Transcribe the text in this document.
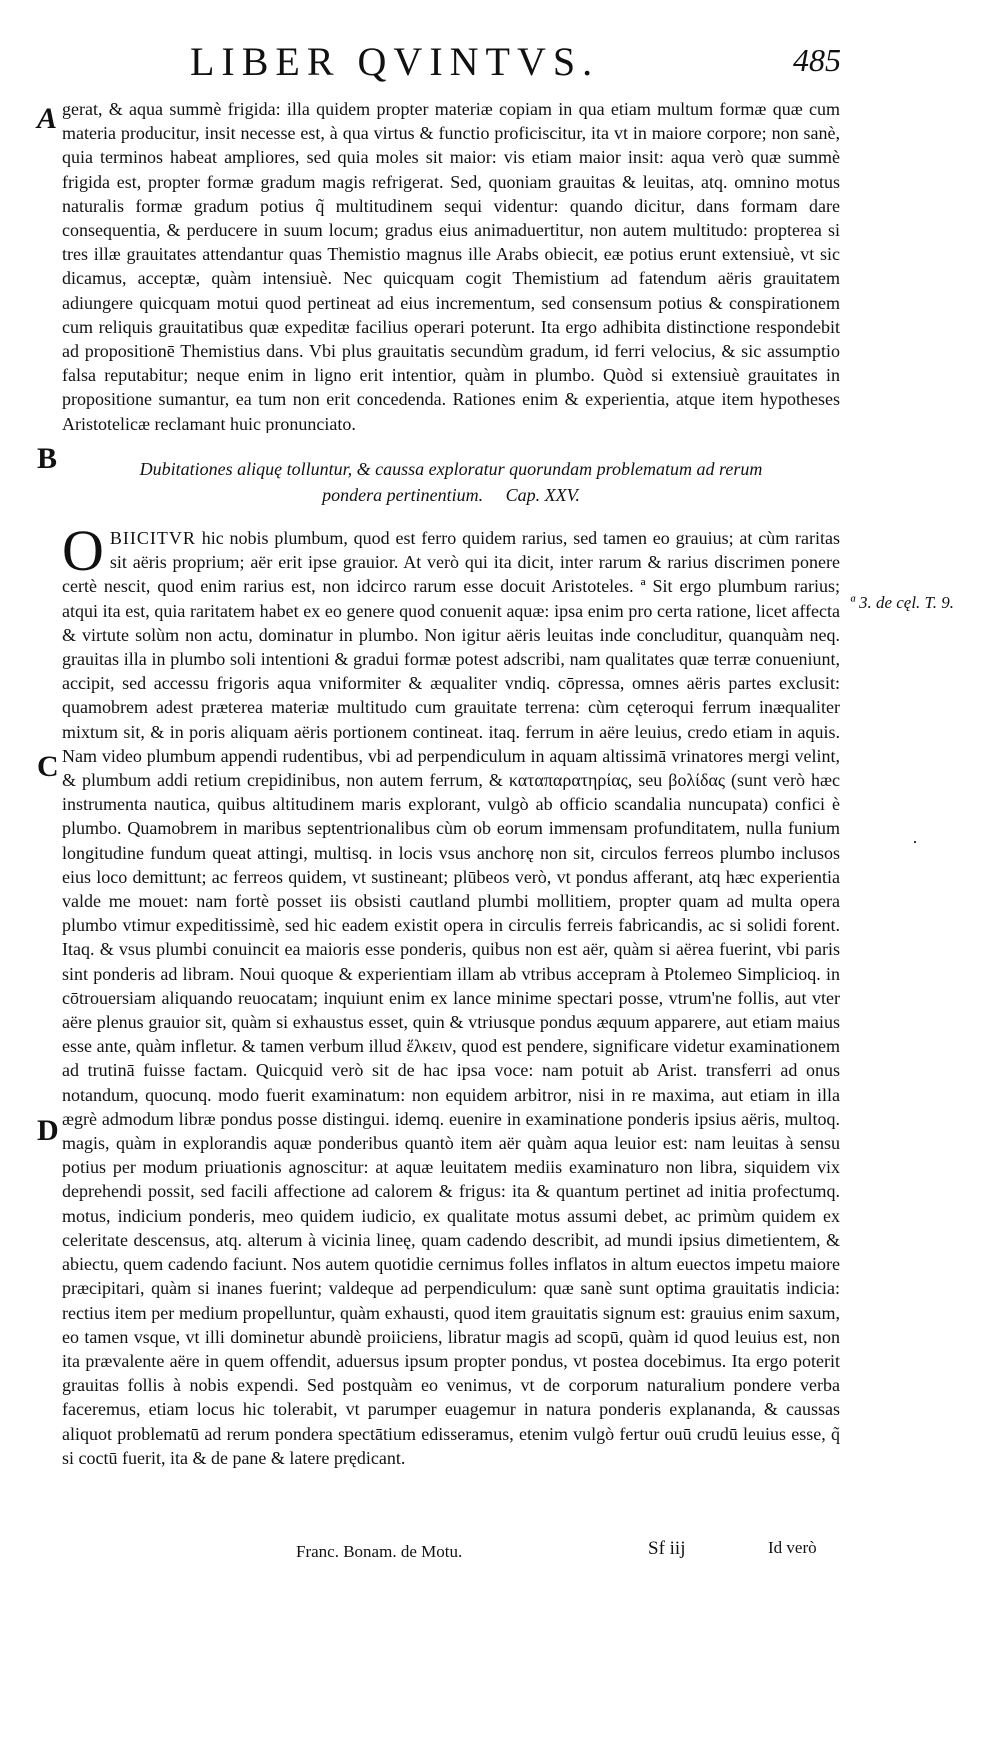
LIBER QVINTVS.	485
A
B
C
D
gerat, & aqua summè frigida: illa quidem propter materiæ copiam in qua etiam multum formæ quæ cum materia producitur, insit necesse est, à qua virtus & functio proficiscitur, ita vt in maiore corpore; non sanè, quia terminos habeat ampliores, sed quia moles sit maior: vis etiam maior insit: aqua verò quæ summè frigida est, propter formæ gradum magis refrigerat. Sed, quoniam grauitas & leuitas, atq. omnino motus naturalis formæ gradum potius q̃ multitudinem sequi videntur: quando dicitur, dans formam dare consequentia, & perducere in suum locum; gradus eius animaduertitur, non autem multitudo: propterea si tres illæ grauitates attendantur quas Themistio magnus ille Arabs obiecit, eæ potius erunt extensiuè, vt sic dicamus, acceptæ, quàm intensiuè. Nec quicquam cogit Themistium ad fatendum aëris grauitatem adiungere quicquam motui quod pertineat ad eius incrementum, sed consensum potius & conspirationem cum reliquis grauitatibus quæ expeditæ facilius operari poterunt. Ita ergo adhibita distinctione respondebit ad propositionē Themistius dans. Vbi plus grauitatis secundùm gradum, id ferri velocius, & sic assumptio falsa reputabitur; neque enim in ligno erit intentior, quàm in plumbo. Quòd si extensiuè grauitates in propositione sumantur, ea tum non erit concedenda. Rationes enim & experientia, atque item hypotheses Aristotelicæ reclamant huic pronunciato.
Dubitationes aliquę tolluntur, & caussa exploratur quorundam problematum ad rerum
pondera pertinentium. Cap. XXV.
O BIICITVR hic nobis plumbum, quod est ferro quidem rarius, sed tamen eo grauius; at cùm raritas sit aëris proprium; aër erit ipse grauior. At verò qui ita dicit, inter rarum & rarius discrimen ponere certè nescit, quod enim rarius est, non idcirco rarum esse docuit Aristoteles. ª Sit ergo plumbum rarius; atqui ita est, quia raritatem habet ex eo genere quod conuenit aquæ: ipsa enim pro certa ratione, licet affecta & virtute solùm non actu, dominatur in plumbo. Non igitur aëris leuitas inde concluditur, quanquàm neq. grauitas illa in plumbo soli intentioni & gradui formæ potest adscribi, nam qualitates quæ terræ conueniunt, accipit, sed accessu frigoris aqua vniformiter & æqualiter vndiq. cōpressa, omnes aëris partes exclusit: quamobrem adest præterea materiæ multitudo cum grauitate terrena: cùm cęteroqui ferrum inæqualiter mixtum sit, & in poris aliquam aëris portionem contineat. itaq. ferrum in aëre leuius, credo etiam in aquis. Nam video plumbum appendi rudentibus, vbi ad perpendiculum in aquam altissimā vrinatores mergi velint, & plumbum addi retium crepidinibus, non autem ferrum, & καταπαρατηρίας, seu βολίδας (sunt verò hæc instrumenta nautica, quibus altitudinem maris explorant, vulgò ab officio scandalia nuncupata) confici è plumbo. Quamobrem in maribus septentrionalibus cùm ob eorum immensam profunditatem, nulla funium longitudine fundum queat attingi, multisq. in locis vsus anchorę non sit, circulos ferreos plumbo inclusos eius loco demittunt; ac ferreos quidem, vt sustineant; plūbeos verò, vt pondus afferant, atq hæc experientia valde me mouet: nam fortè posset iis obsisti cautland plumbi mollitiem, propter quam ad multa opera plumbo vtimur expeditissimè, sed hic eadem existit opera in circulis ferreis fabricandis, ac si solidi forent. Itaq. & vsus plumbi conuincit ea maioris esse ponderis, quibus non est aër, quàm si aërea fuerint, vbi paris sint ponderis ad libram. Noui quoque & experientiam illam ab vtribus accepram à Ptolemeo Simplicioq. in cōtrouersiam aliquando reuocatam; inquiunt enim ex lance minime spectari posse, vtrum'ne follis, aut vter aëre plenus grauior sit, quàm si exhaustus esset, quin & vtriusque pondus æquum apparere, aut etiam maius esse ante, quàm infletur. & tamen verbum illud ἕλκειν, quod est pendere, significare videtur examinationem ad trutinā fuisse factam. Quicquid verò sit de hac ipsa voce: nam potuit ab Arist. transferri ad onus notandum, quocunq. modo fuerit examinatum: non equidem arbitror, nisi in re maxima, aut etiam in illa ægrè admodum libræ pondus posse distingui. idemq. euenire in examinatione ponderis ipsius aëris, multoq. magis, quàm in explorandis aquæ ponderibus quantò item aër quàm aqua leuior est: nam leuitas à sensu potius per modum priuationis agnoscitur: at aquæ leuitatem mediis examinaturo non libra, siquidem vix deprehendi possit, sed facili affectione ad calorem & frigus: ita & quantum pertinet ad initia profectumq. motus, indicium ponderis, meo quidem iudicio, ex qualitate motus assumi debet, ac primùm quidem ex celeritate descensus, atq. alterum à vicinia lineę, quam cadendo describit, ad mundi ipsius dimetientem, & abiectu, quem cadendo faciunt. Nos autem quotidie cernimus folles inflatos in altum euectos impetu maiore præcipitari, quàm si inanes fuerint; valdeque ad perpendiculum: quæ sanè sunt optima grauitatis indicia: rectius item per medium propelluntur, quàm exhausti, quod item grauitatis signum est: grauius enim saxum, eo tamen vsque, vt illi dominetur abundè proiiciens, libratur magis ad scopū, quàm id quod leuius est, non ita prævalente aëre in quem offendit, aduersus ipsum propter pondus, vt postea docebimus. Ita ergo poterit grauitas follis à nobis expendi. Sed postquàm eo venimus, vt de corporum naturalium pondere verba faceremus, etiam locus hic tolerabit, vt parumper euagemur in natura ponderis explananda, & caussas aliquot problematū ad rerum pondera spectātium edisseramus, etenim vulgò fertur ouū crudū leuius esse, q̃ si coctū fuerit, ita & de pane & latere prędicant.
ª 3. de cęl. T. 9.
·
Franc. Bonam. de Motu.	Sf iij	Id verò
